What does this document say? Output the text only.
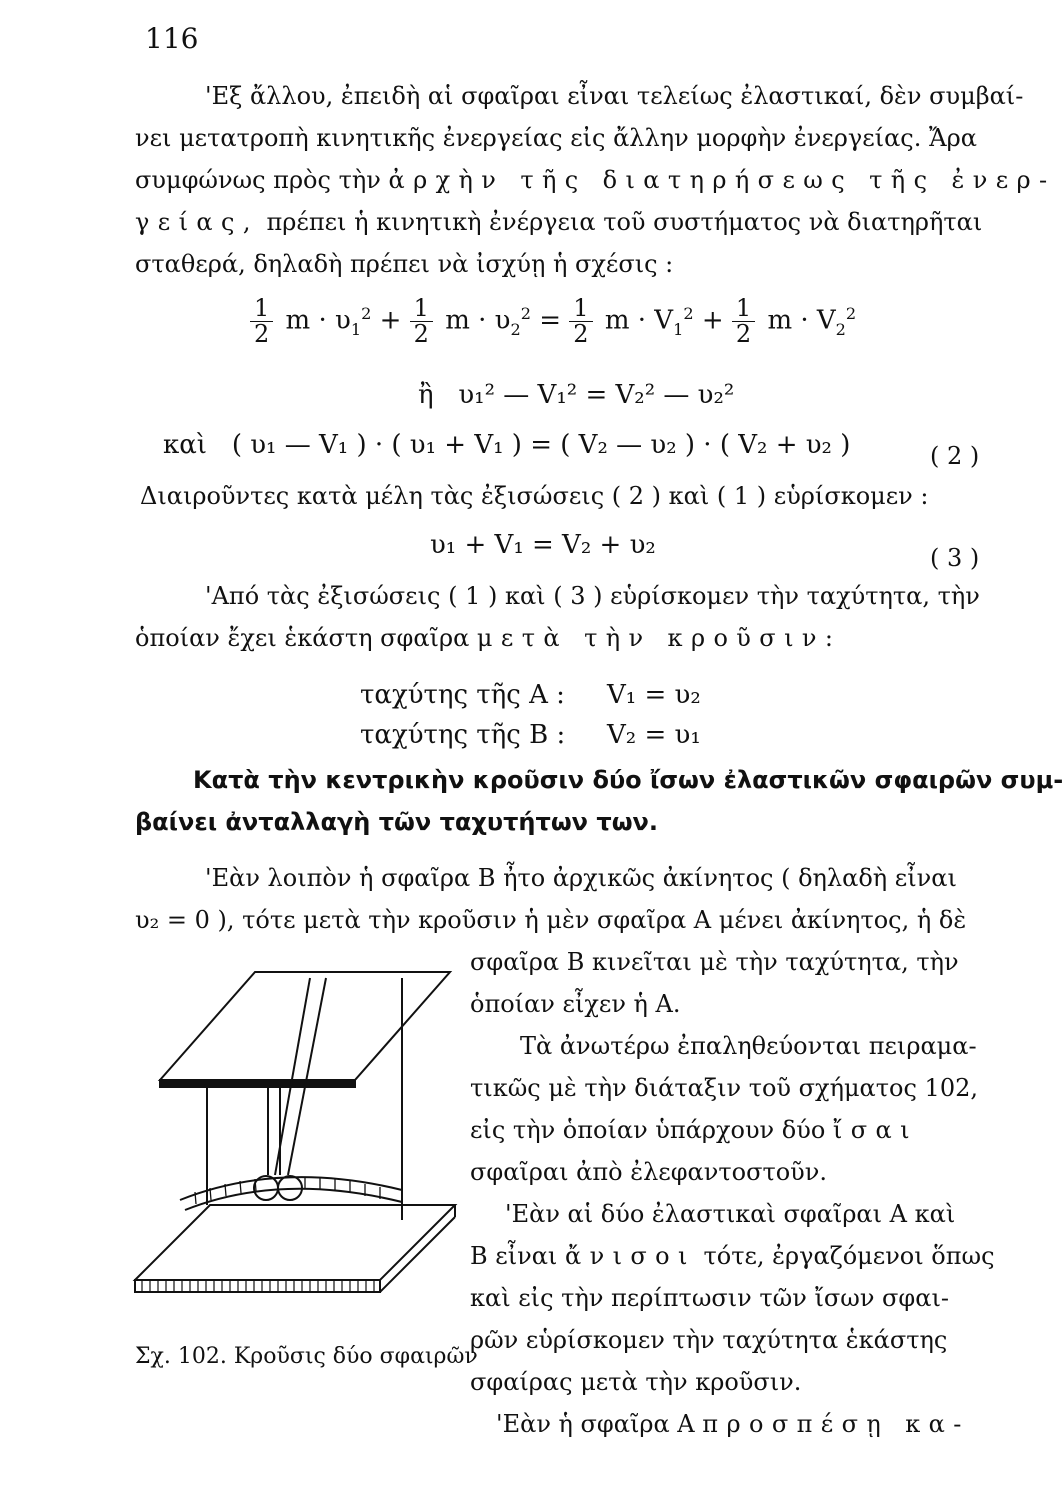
116
'Εξ ἄλλου, ἐπειδὴ αἱ σφαῖραι εἶναι τελείως ἐλαστικαί, δὲν συμβαί-
νει μετατροπὴ κινητικῆς ἐνεργείας εἰς ἄλλην μορφὴν ἐνεργείας. Ἄρα
συμφώνως πρὸς τὴν ἀρχὴν τῆς διατηρήσεως τῆς ἐνερ-
γείας, πρέπει ἡ κινητικὴ ἐνέργεια τοῦ συστήματος νὰ διατηρῆται
σταθερά, δηλαδὴ πρέπει νὰ ἰσχύῃ ἡ σχέσις :
$\frac{1}{2}$ $m \cdot \upsilon_1^2 + \frac{1}{2}$ $m \cdot \upsilon_2^2 = \frac{1}{2}$ $m \cdot V_1^2 + \frac{1}{2}$ $m \cdot V_2^2$
ἢ υ₁² — V₁² = V₂² — υ₂²
καὶ ( υ₁ — V₁ ) · ( υ₁ + V₁ ) = ( V₂ — υ₂ ) · ( V₂ + υ₂ )	( 2 )
Διαιροῦντες κατὰ μέλη τὰς ἐξισώσεις ( 2 ) καὶ ( 1 ) εὑρίσκομεν :
υ₁ + V₁ = V₂ + υ₂	( 3 )
'Από τὰς ἐξισώσεις ( 1 ) καὶ ( 3 ) εὑρίσκομεν τὴν ταχύτητα, τὴν
ὁποίαν ἔχει ἑκάστη σφαῖρα μετὰ τὴν κροῦσιν:
ταχύτης τῆς Α : V₁ = υ₂
ταχύτης τῆς Β : V₂ = υ₁
Κατὰ τὴν κεντρικὴν κροῦσιν δύο ἴσων ἐλαστικῶν σφαιρῶν συμ-
βαίνει ἀνταλλαγὴ τῶν ταχυτήτων των.
'Εὰν λοιπὸν ἡ σφαῖρα Β ἦτο ἀρχικῶς ἀκίνητος ( δηλαδὴ εἶναι
υ₂ = 0 ), τότε μετὰ τὴν κροῦσιν ἡ μὲν σφαῖρα Α μένει ἀκίνητος, ἡ δὲ
σφαῖρα Β κινεῖται μὲ τὴν ταχύτητα, τὴν
ὁποίαν εἶχεν ἡ Α.
Τὰ ἀνωτέρω ἐπαληθεύονται πειραμα-
τικῶς μὲ τὴν διάταξιν τοῦ σχήματος 102,
εἰς τὴν ὁποίαν ὑπάρχουν δύο ἴσαι
σφαῖραι ἀπὸ ἐλεφαντοστοῦν.
'Εὰν αἱ δύο ἐλαστικαὶ σφαῖραι Α καὶ
Β εἶναι ἄνισοι τότε, ἐργαζόμενοι ὅπως
καὶ εἰς τὴν περίπτωσιν τῶν ἴσων σφαι-
ρῶν εὑρίσκομεν τὴν ταχύτητα ἑκάστης
σφαίρας μετὰ τὴν κροῦσιν.
'Εὰν ἡ σφαῖρα Α προσπέσῃ κα-
Σχ. 102. Κροῦσις δύο σφαιρῶν
